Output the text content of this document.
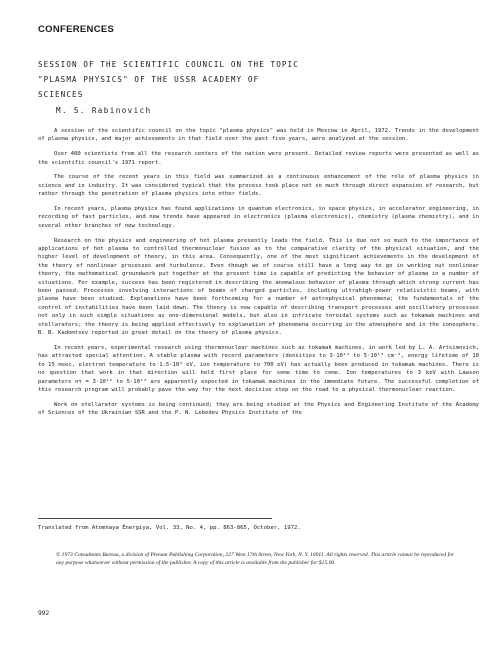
CONFERENCES
SESSION OF THE SCIENTIFIC COUNCIL ON THE TOPIC
"PLASMA PHYSICS" OF THE USSR ACADEMY OF
SCIENCES
M. S. Rabinovich

A session of the scientific council on the topic "plasma physics" was held in Moscow in April, 1972. Trends in the development of plasma physics, and major achievements in that field over the past five years, were analyzed at the session.

Over 400 scientists from all the research centers of the nation were present. Detailed review reports were presented as well as the scientific council's 1971 report.

The course of the recent years in this field was summarized as a continuous enhancement of the role of plasma physics in science and in industry. It was considered typical that the process took place not so much through direct expansion of research, but rather through the penetration of plasma physics into other fields.

In recent years, plasma physics has found applications in quantum electronics, in space physics, in accelerator engineering, in recording of fast particles, and new trends have appeared in electronics (plasma electronics), chemistry (plasma chemistry), and in several other branches of new technology.

Research on the physics and engineering of hot plasma presently leads the field. This is due not so much to the importance of applications of hot plasma to controlled thermonuclear fusion as to the comparative clarity of the physical situation, and the higher level of development of theory, in this area. Consequently, one of the most significant achievements in the development of the theory of nonlinear processes and turbulence. Even though we of course still have a long way to go in working out nonlinear theory, the mathematical groundwork put together at the present time is capable of predicting the behavior of plasma in a number of situations. For example, success has been registered in describing the anomalous behavior of plasma through which strong current has been passed. Processes involving interactions of beams of charged particles, including ultrahigh-power relativistic beams, with plasma have been studied. Explanations have been forthcoming for a number of astrophysical phenomena; the fundamentals of the control of instabilities have been laid down. The theory is now capable of describing transport processes and oscillatory processes not only in such simple situations as one-dimensional models, but also in intricate toroidal systems such as tokamak machines and stellarators; the theory is being applied effectively to explanation of phenomena occurring in the atmosphere and in the ionosphere. B. B. Kadomtsev reported in great detail on the theory of plasma physics.

In recent years, experimental research using thermonuclear machines such as tokamak machines, in work led by L. A. Artsimovich, has attracted special attention. A stable plasma with record parameters (densities to 3·10¹³ to 5·10¹³ cm⁻³, energy lifetime of 10 to 15 msec, electron temperature to 1.5·10³ eV, ion temperature to 700 eV) has actually been produced in tokamak machines. There is no question that work in that direction will hold first place for some time to come. Ion temperatures to 3 keV with Lawson parameters nτ = 3·10¹² to 5·10¹² are apparently expected in tokamak machines in the immediate future. The successful completion of this research program will probably pave the way for the next decisive step on the road to a physical thermonuclear reaction.

Work on stellarator systems is being continued; they are being studied at the Physics and Engineering Institute of the Academy of Sciences of the Ukrainian SSR and the P. N. Lebedev Physics Institute of the

Translated from Atomnaya Énergiya, Vol. 33, No. 4, pp. 863-865, October, 1972.
© 1973 Consultants Bureau, a division of Plenum Publishing Corporation, 227 West 17th Street, New York, N. Y. 10011. All rights reserved. This article cannot be reproduced for any purpose whatsoever without permission of the publisher. A copy of this article is available from the publisher for $15.00.
992
